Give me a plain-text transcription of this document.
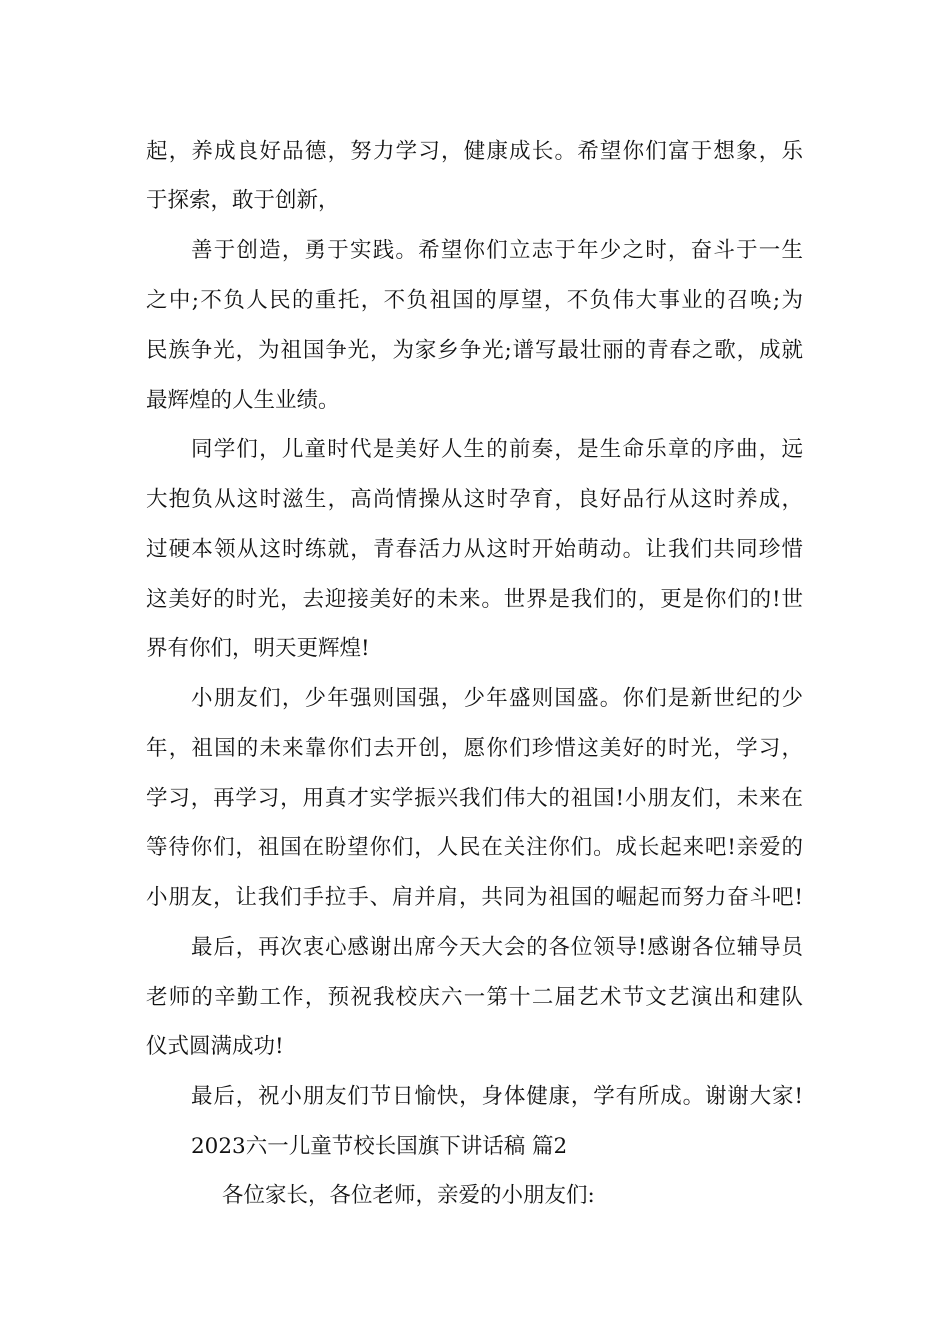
起，养成良好品德，努力学习，健康成长。希望你们富于想象，乐
于探索，敢于创新，
善于创造，勇于实践。希望你们立志于年少之时，奋斗于一生
之中;不负人民的重托，不负祖国的厚望，不负伟大事业的召唤;为
民族争光，为祖国争光，为家乡争光;谱写最壮丽的青春之歌，成就
最辉煌的人生业绩。
同学们，儿童时代是美好人生的前奏，是生命乐章的序曲，远
大抱负从这时滋生，高尚情操从这时孕育，良好品行从这时养成，
过硬本领从这时练就，青春活力从这时开始萌动。让我们共同珍惜
这美好的时光，去迎接美好的未来。世界是我们的，更是你们的!世
界有你们，明天更辉煌!
小朋友们，少年强则国强，少年盛则国盛。你们是新世纪的少
年，祖国的未来靠你们去开创，愿你们珍惜这美好的时光，学习，
学习，再学习，用真才实学振兴我们伟大的祖国!小朋友们，未来在
等待你们，祖国在盼望你们，人民在关注你们。成长起来吧!亲爱的
小朋友，让我们手拉手、肩并肩，共同为祖国的崛起而努力奋斗吧!
最后，再次衷心感谢出席今天大会的各位领导!感谢各位辅导员
老师的辛勤工作，预祝我校庆六一第十二届艺术节文艺演出和建队
仪式圆满成功!
最后，祝小朋友们节日愉快，身体健康，学有所成。谢谢大家!
2023六一儿童节校长国旗下讲话稿 篇2
各位家长，各位老师，亲爱的小朋友们:
